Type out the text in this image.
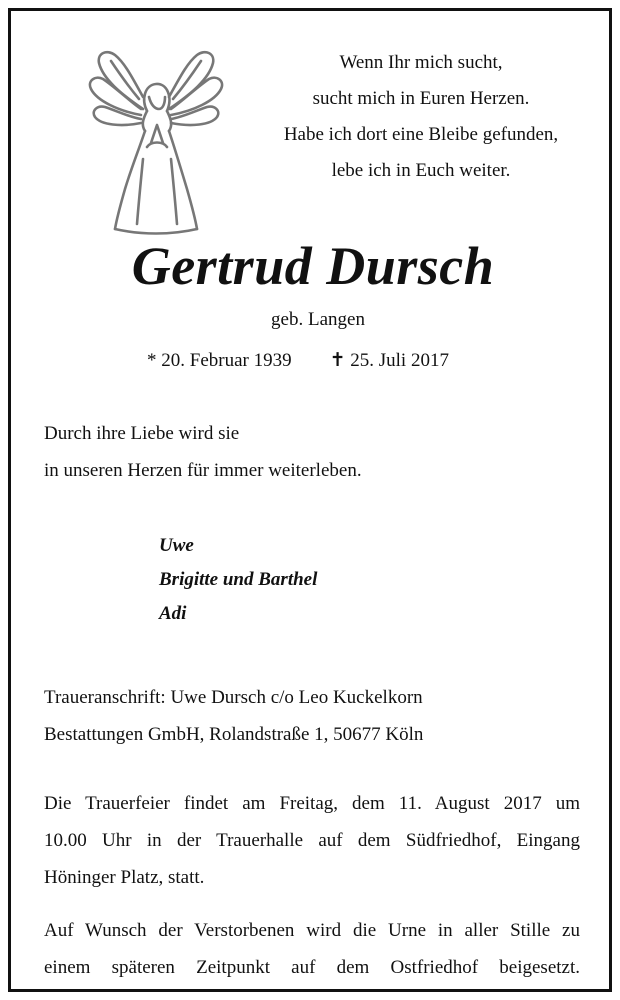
Wenn Ihr mich sucht,
sucht mich in Euren Herzen.
Habe ich dort eine Bleibe gefunden,
lebe ich in Euch weiter.
Gertrud Dursch
geb. Langen
* 20. Februar 1939 ✝ 25. Juli 2017
Durch ihre Liebe wird sie
in unseren Herzen für immer weiterleben.
Uwe
Brigitte und Barthel
Adi
Traueranschrift: Uwe Dursch c/o Leo Kuckelkorn
Bestattungen GmbH, Rolandstraße 1, 50677 Köln
Die Trauerfeier findet am Freitag, dem 11. August 2017 um
10.00 Uhr in der Trauerhalle auf dem Südfriedhof, Eingang
Höninger Platz, statt.
Auf Wunsch der Verstorbenen wird die Urne in aller Stille zu
einem späteren Zeitpunkt auf dem Ostfriedhof beigesetzt.
